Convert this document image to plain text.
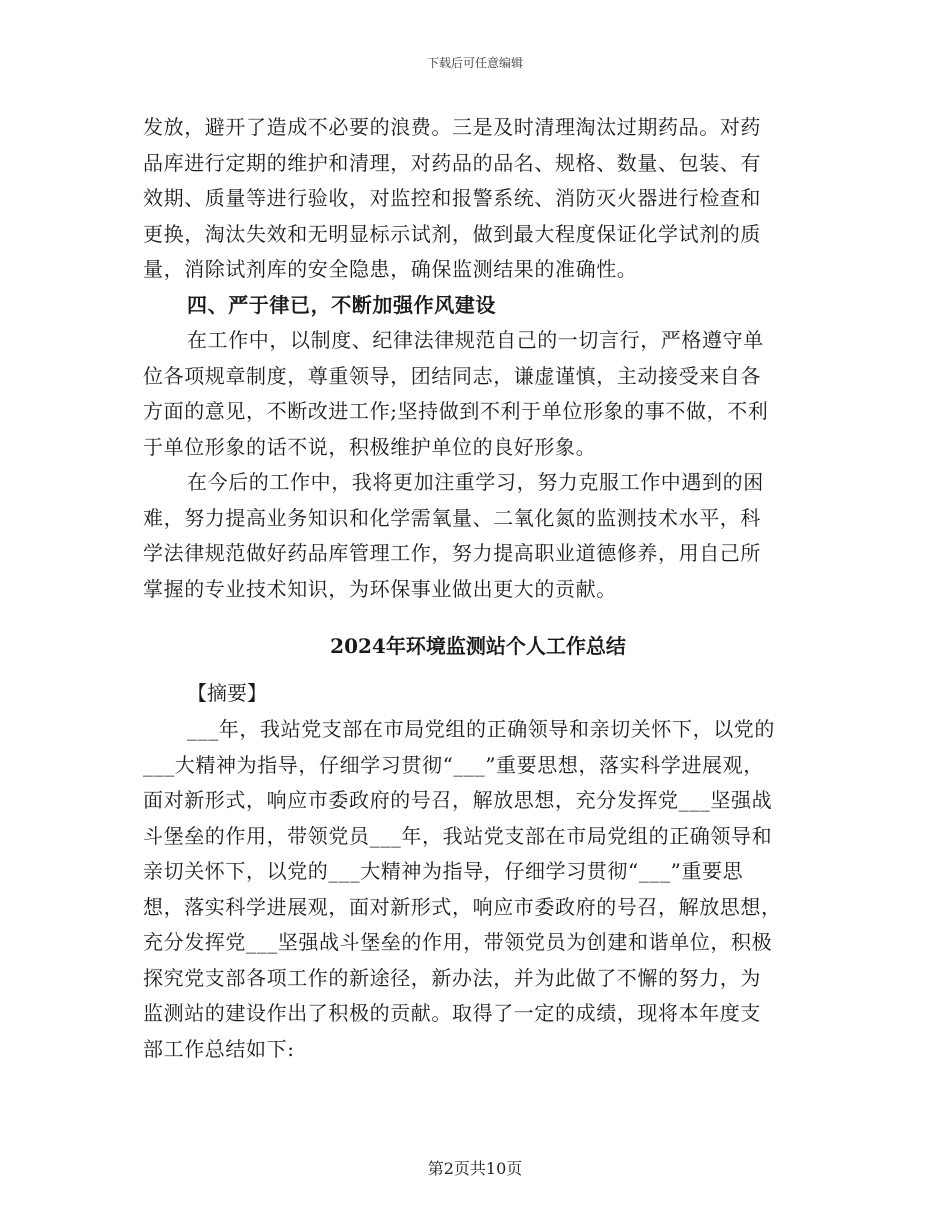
下载后可任意编辑
发放，避开了造成不必要的浪费。三是及时清理淘汰过期药品。对药
品库进行定期的维护和清理，对药品的品名、规格、数量、包装、有
效期、质量等进行验收，对监控和报警系统、消防灭火器进行检查和
更换，淘汰失效和无明显标示试剂，做到最大程度保证化学试剂的质
量，消除试剂库的安全隐患，确保监测结果的准确性。
四、严于律已，不断加强作风建设
在工作中，以制度、纪律法律规范自己的一切言行，严格遵守单
位各项规章制度，尊重领导，团结同志，谦虚谨慎，主动接受来自各
方面的意见，不断改进工作;坚持做到不利于单位形象的事不做，不利
于单位形象的话不说，积极维护单位的良好形象。
在今后的工作中，我将更加注重学习，努力克服工作中遇到的困
难，努力提高业务知识和化学需氧量、二氧化氮的监测技术水平，科
学法律规范做好药品库管理工作，努力提高职业道德修养，用自己所
掌握的专业技术知识，为环保事业做出更大的贡献。
2024年环境监测站个人工作总结
【摘要】
___年，我站党支部在市局党组的正确领导和亲切关怀下，以党的
___大精神为指导，仔细学习贯彻“___”重要思想，落实科学进展观，
面对新形式，响应市委政府的号召，解放思想，充分发挥党___坚强战
斗堡垒的作用，带领党员___年，我站党支部在市局党组的正确领导和
亲切关怀下，以党的___大精神为指导，仔细学习贯彻“___”重要思
想，落实科学进展观，面对新形式，响应市委政府的号召，解放思想，
充分发挥党___坚强战斗堡垒的作用，带领党员为创建和谐单位，积极
探究党支部各项工作的新途径，新办法，并为此做了不懈的努力，为
监测站的建设作出了积极的贡献。取得了一定的成绩，现将本年度支
部工作总结如下:
第2页共10页
